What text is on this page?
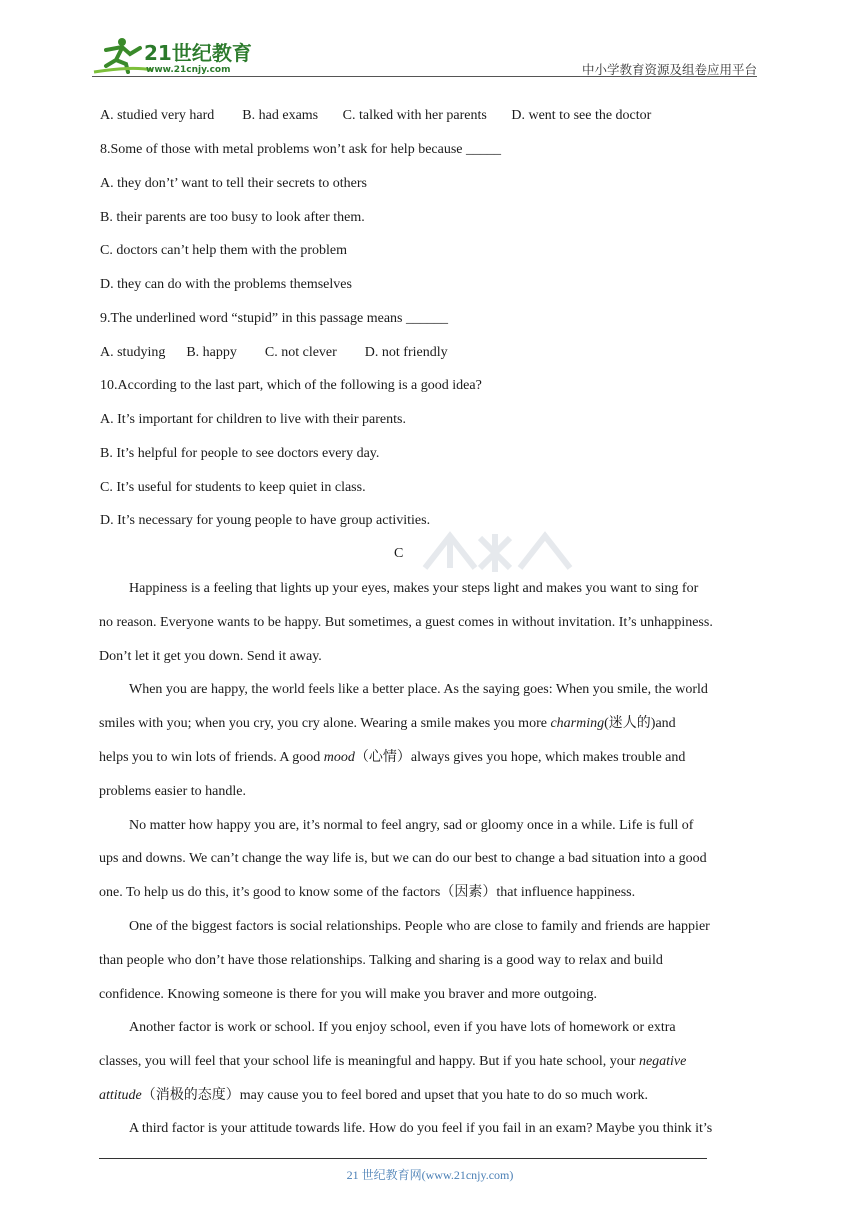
21世纪教育
www.21cnjy.com	中小学教育资源及组卷应用平台
A. studied very hard        B. had exams       C. talked with her parents       D. went to see the doctor
8.Some of those with metal problems won’t ask for help because _____
A. they don’t’ want to tell their secrets to others
B. their parents are too busy to look after them.
C. doctors can’t help them with the problem
D. they can do with the problems themselves
9.The underlined word “stupid” in this passage means ______
A. studying      B. happy        C. not clever        D. not friendly
10.According to the last part, which of the following is a good idea?
A. It’s important for children to live with their parents.
B. It’s helpful for people to see doctors every day.
C. It’s useful for students to keep quiet in class.
D. It’s necessary for young people to have group activities.
C
Happiness is a feeling that lights up your eyes, makes your steps light and makes you want to sing for
no reason. Everyone wants to be happy. But sometimes, a guest comes in without invitation. It’s unhappiness.
Don’t let it get you down. Send it away.
When you are happy, the world feels like a better place. As the saying goes: When you smile, the world
smiles with you; when you cry, you cry alone. Wearing a smile makes you more charming(迷人的)and
helps you to win lots of friends. A good mood（心情）always gives you hope, which makes trouble and
problems easier to handle.
No matter how happy you are, it’s normal to feel angry, sad or gloomy once in a while. Life is full of
ups and downs. We can’t change the way life is, but we can do our best to change a bad situation into a good
one. To help us do this, it’s good to know some of the factors（因素）that influence happiness.
One of the biggest factors is social relationships. People who are close to family and friends are happier
than people who don’t have those relationships. Talking and sharing is a good way to relax and build
confidence. Knowing someone is there for you will make you braver and more outgoing.
Another factor is work or school. If you enjoy school, even if you have lots of homework or extra
classes, you will feel that your school life is meaningful and happy. But if you hate school, your negative
attitude（消极的态度）may cause you to feel bored and upset that you hate to do so much work.
A third factor is your attitude towards life. How do you feel if you fail in an exam? Maybe you think it’s
21 世纪教育网(www.21cnjy.com)
